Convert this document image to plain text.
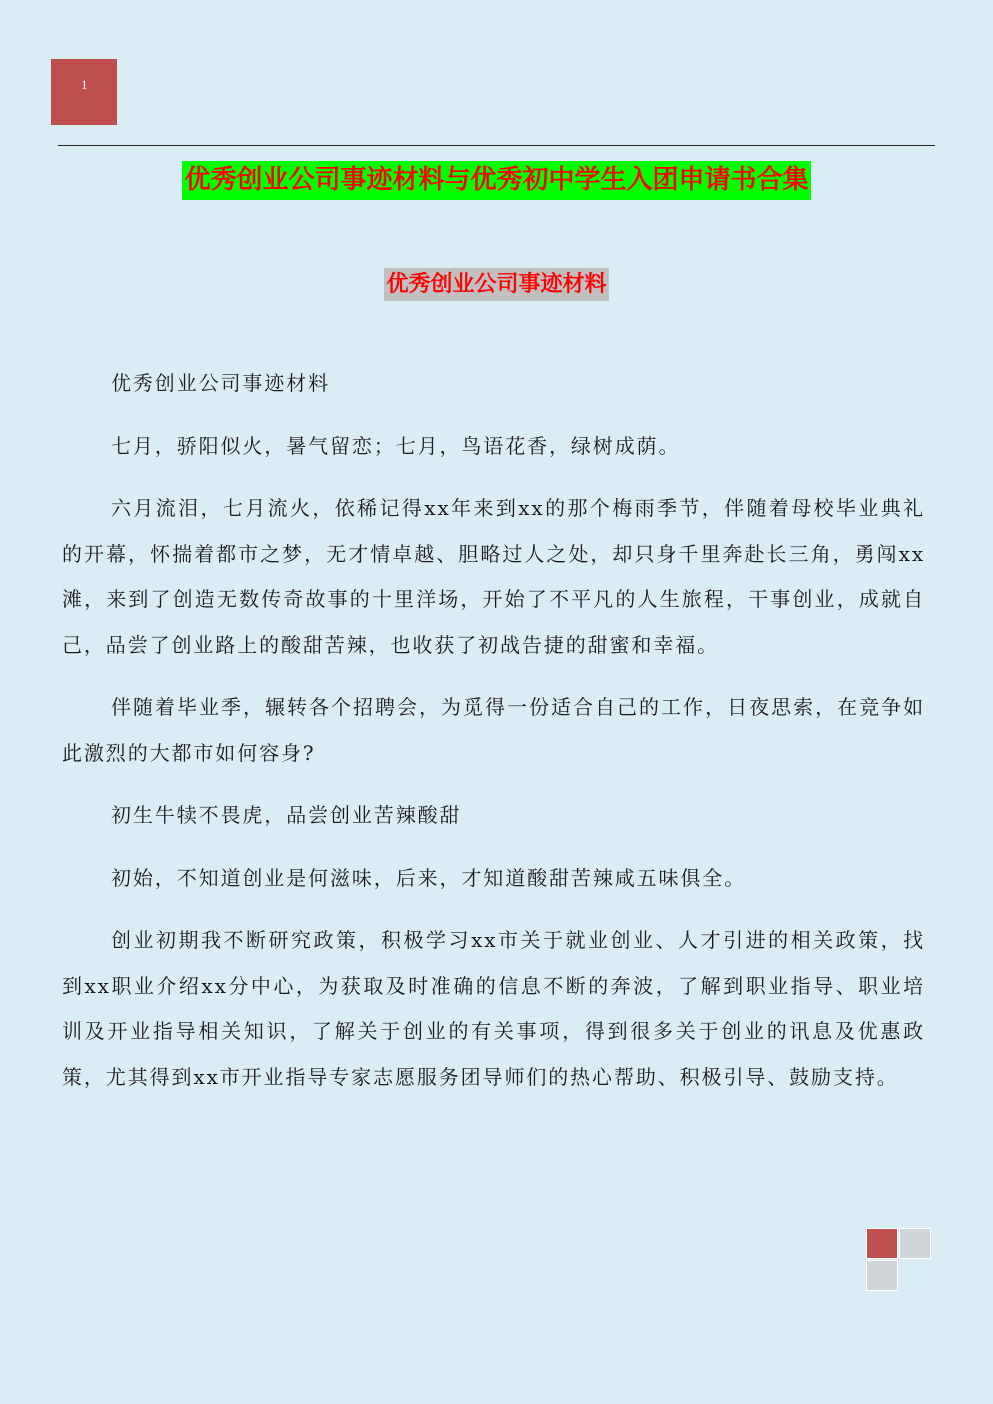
1
优秀创业公司事迹材料与优秀初中学生入团申请书合集
优秀创业公司事迹材料

优秀创业公司事迹材料

七月，骄阳似火，暑气留恋；七月，鸟语花香，绿树成荫。

六月流泪，七月流火，依稀记得xx年来到xx的那个梅雨季节，伴随着母校毕业典礼的开幕，怀揣着都市之梦，无才情卓越、胆略过人之处，却只身千里奔赴长三角，勇闯xx滩，来到了创造无数传奇故事的十里洋场，开始了不平凡的人生旅程，干事创业，成就自己，品尝了创业路上的酸甜苦辣，也收获了初战告捷的甜蜜和幸福。

伴随着毕业季，辗转各个招聘会，为觅得一份适合自己的工作，日夜思索，在竞争如此激烈的大都市如何容身?

初生牛犊不畏虎，品尝创业苦辣酸甜

初始，不知道创业是何滋味，后来，才知道酸甜苦辣咸五味俱全。

创业初期我不断研究政策，积极学习xx市关于就业创业、人才引进的相关政策，找到xx职业介绍xx分中心，为获取及时准确的信息不断的奔波，了解到职业指导、职业培训及开业指导相关知识，了解关于创业的有关事项，得到很多关于创业的讯息及优惠政策，尤其得到xx市开业指导专家志愿服务团导师们的热心帮助、积极引导、鼓励支持。
